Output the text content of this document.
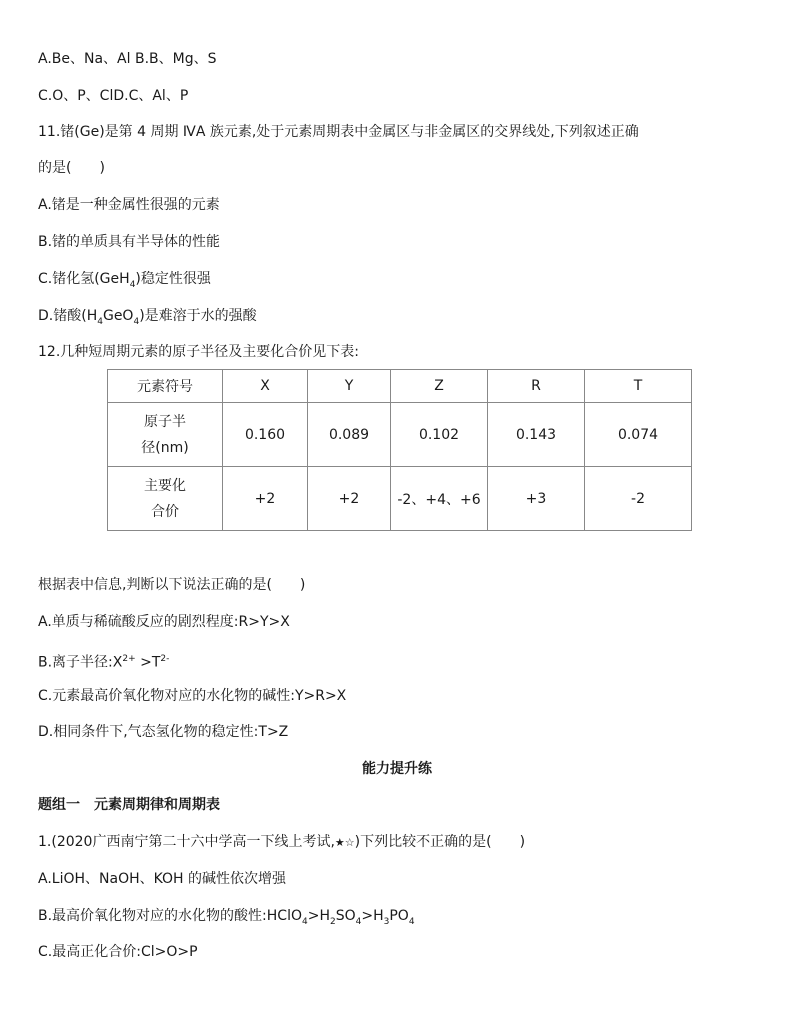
A.Be、Na、Al B.B、Mg、S
C.O、P、ClD.C、Al、P
11.锗(Ge)是第 4 周期 ⅣA 族元素,处于元素周期表中金属区与非金属区的交界线处,下列叙述正确
的是(　　)
A.锗是一种金属性很强的元素
B.锗的单质具有半导体的性能
C.锗化氢(GeH$_4$)稳定性很强
D.锗酸$(H_4GeO_4)$是难溶于水的强酸
12.几种短周期元素的原子半径及主要化合价见下表:
元素符号	X	Y	Z	R	T

原子半
径(nm)	0.160	0.089	0.102	0.143	0.074

主要化
合价	+2	+2	-2、+4、+6	+3	-2
根据表中信息,判断以下说法正确的是(　　)
A.单质与稀硫酸反应的剧烈程度:R>Y>X
B.离子半径$:X^{2+} >T^{2-}$
C.元素最高价氧化物对应的水化物的碱性:Y>R>X
D.相同条件下,气态氢化物的稳定性:T>Z
能力提升练
题组一　元素周期律和周期表
1.(2020广西南宁第二十六中学高一下线上考试,★☆)下列比较不正确的是(　　)
A.LiOH、NaOH、KOH 的碱性依次增强
B.最高价氧化物对应的水化物的酸性$:HClO_4>H_2SO_4>H_3PO_4$
C.最高正化合价:Cl>O>P
